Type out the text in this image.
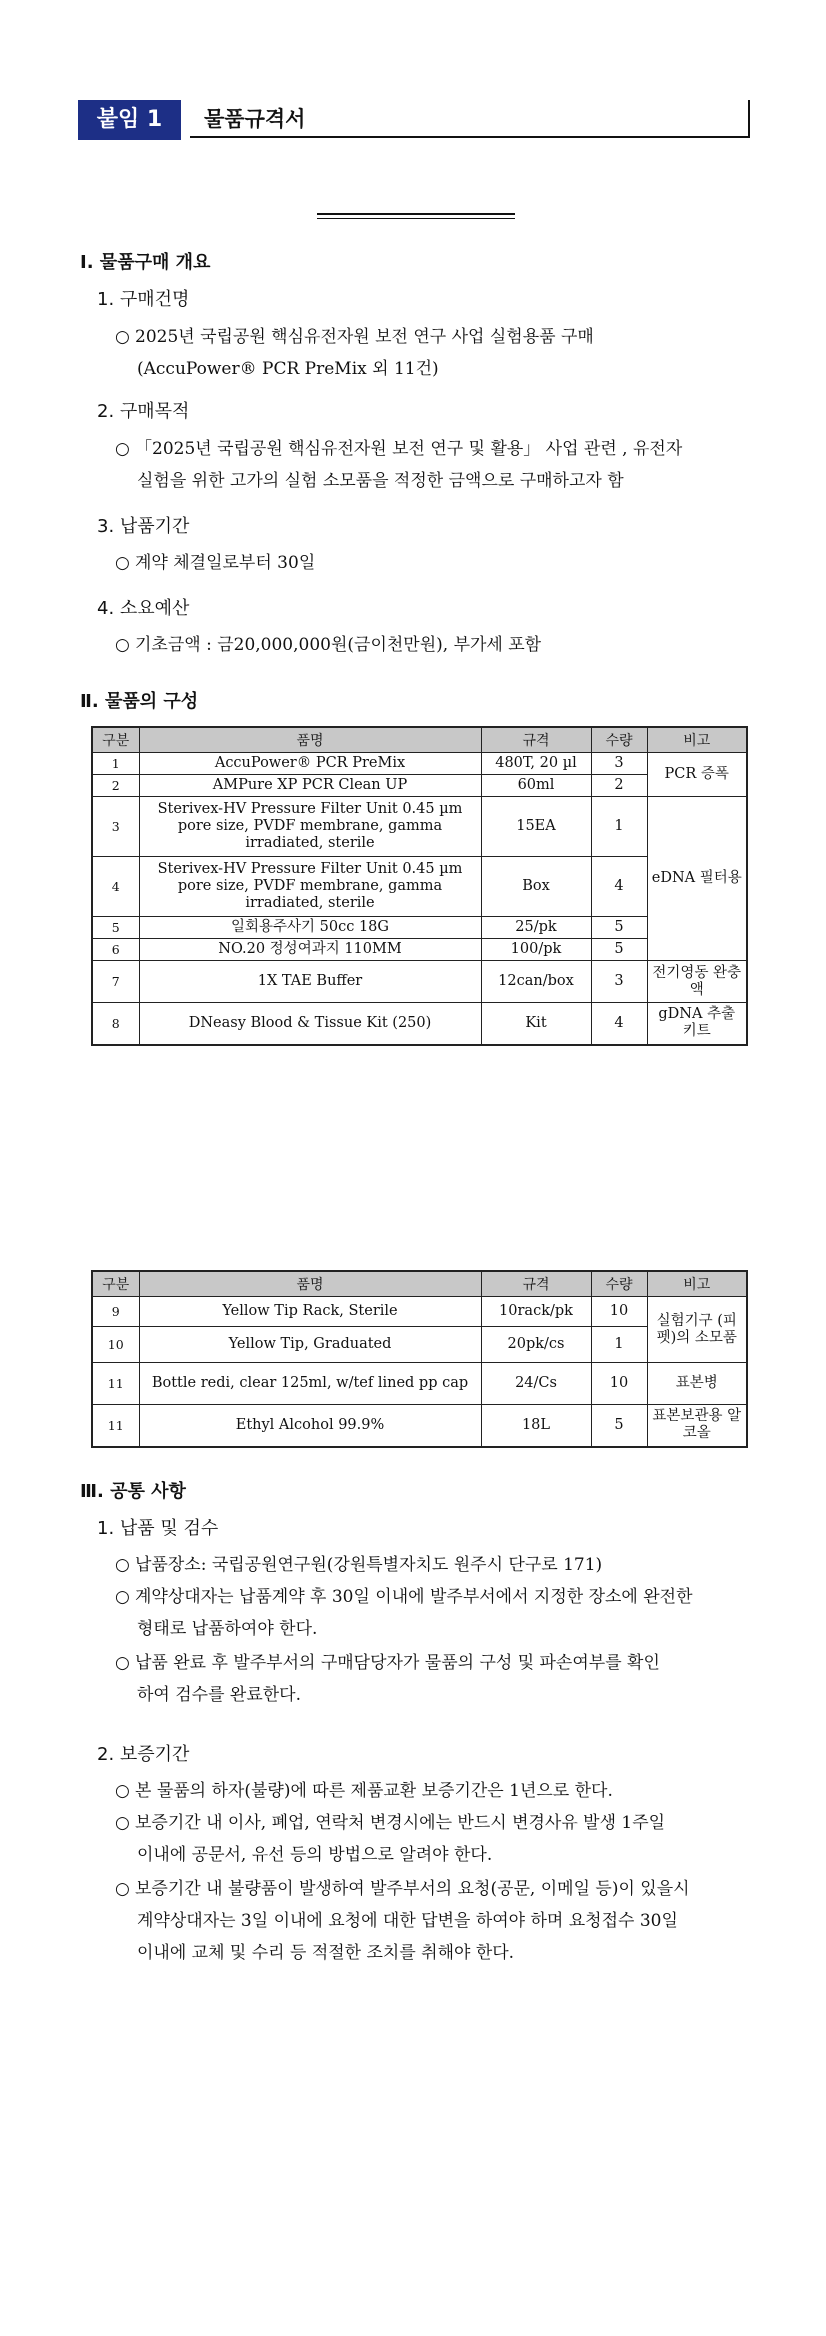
붙임 1	물품규격서
Ⅰ. 물품구매 개요
1. 구매건명
○ 2025년 국립공원 핵심유전자원 보전 연구 사업 실험용품 구매
(AccuPower® PCR PreMix 외 11건)
2. 구매목적
○ 「2025년 국립공원 핵심유전자원 보전 연구 및 활용」 사업 관련 , 유전자
실험을 위한 고가의 실험 소모품을 적정한 금액으로 구매하고자 함
3. 납품기간
○ 계약 체결일로부터 30일
4. 소요예산
○ 기초금액 : 금20,000,000원(금이천만원), 부가세 포함
Ⅱ. 물품의 구성
구분	품명	규격	수량	비고
1	AccuPower® PCR PreMix	480T, 20 µl	3	PCR 증폭
2	AMPure XP PCR Clean UP	60ml	2	
3	Sterivex-HV Pressure Filter Unit 0.45 µm pore size, PVDF membrane, gamma irradiated, sterile	15EA	1	eDNA 필터용
4	Sterivex-HV Pressure Filter Unit 0.45 µm pore size, PVDF membrane, gamma irradiated, sterile	Box	4	
5	일회용주사기 50cc 18G	25/pk	5	
6	NO.20 정성여과지 110MM	100/pk	5	
7	1X TAE Buffer	12can/box	3	전기영동 완충액
8	DNeasy Blood & Tissue Kit (250)	Kit	4	gDNA 추출 키트
구분	품명	규격	수량	비고
9	Yellow Tip Rack, Sterile	10rack/pk	10	실험기구 (피펫)의 소모품
10	Yellow Tip, Graduated	20pk/cs	1	
11	Bottle redi, clear 125ml, w/tef lined pp cap	24/Cs	10	표본병
11	Ethyl Alcohol 99.9%	18L	5	표본보관용 알코올
Ⅲ. 공통 사항
1. 납품 및 검수
○ 납품장소: 국립공원연구원(강원특별자치도 원주시 단구로 171)
○ 계약상대자는 납품계약 후 30일 이내에 발주부서에서 지정한 장소에 완전한
형태로 납품하여야 한다.
○ 납품 완료 후 발주부서의 구매담당자가 물품의 구성 및 파손여부를 확인
하여 검수를 완료한다.
2. 보증기간
○ 본 물품의 하자(불량)에 따른 제품교환 보증기간은 1년으로 한다.
○ 보증기간 내 이사, 폐업, 연락처 변경시에는 반드시 변경사유 발생 1주일
이내에 공문서, 유선 등의 방법으로 알려야 한다.
○ 보증기간 내 불량품이 발생하여 발주부서의 요청(공문, 이메일 등)이 있을시
계약상대자는 3일 이내에 요청에 대한 답변을 하여야 하며 요청접수 30일
이내에 교체 및 수리 등 적절한 조치를 취해야 한다.
